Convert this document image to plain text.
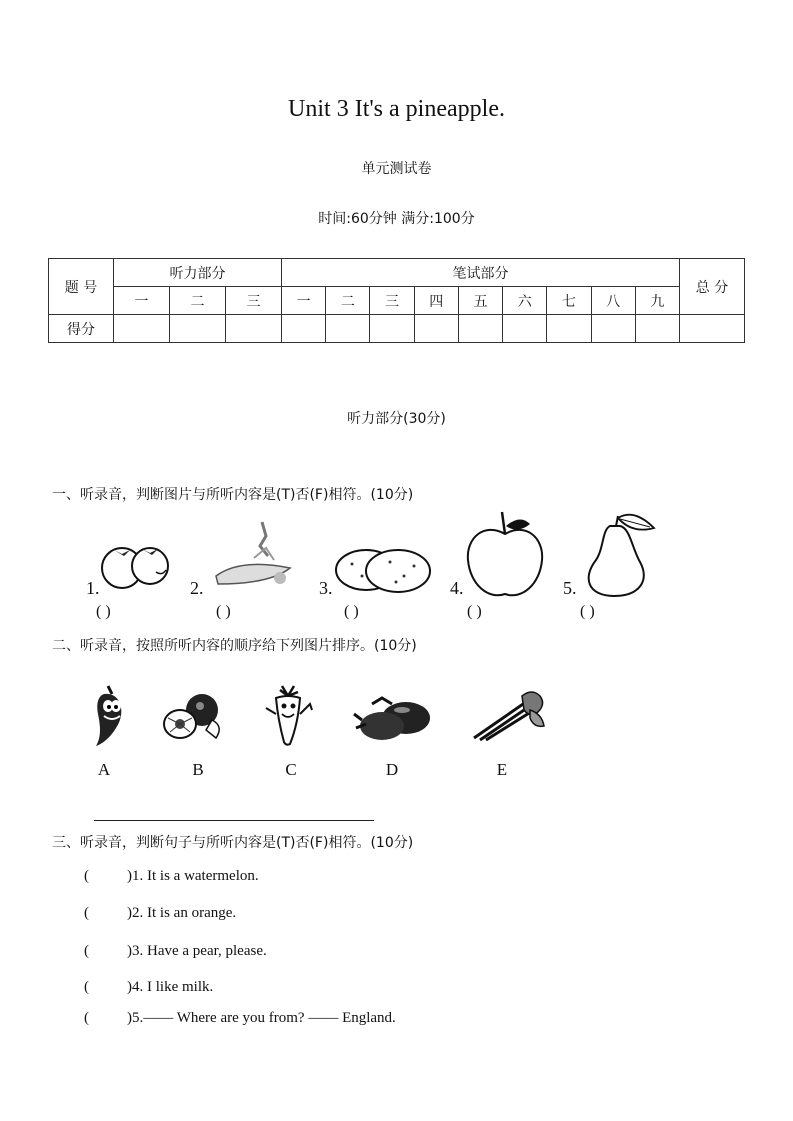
Unit 3 It's a pineapple.
单元测试卷
时间:60分钟 满分:100分
题 号	听力部分			笔试部分									总 分
	一	二	三	一	二	三	四	五	六	七	八	九	
得分													
听力部分(30分)
一、听录音，判断图片与所听内容是(T)否(F)相符。(10分)
1.
( )
2.
( )
3.
( )
4.
( )
5.
( )
二、听录音，按照所听内容的顺序给下列图片排序。(10分)
A	B	C	D	E
三、听录音，判断句子与所听内容是(T)否(F)相符。(10分)
(	)1. It is a watermelon.
(	)2. It is an orange.
(	)3. Have a pear, please.
(	)4. I like milk.
(	)5.—— Where are you from? —— England.
